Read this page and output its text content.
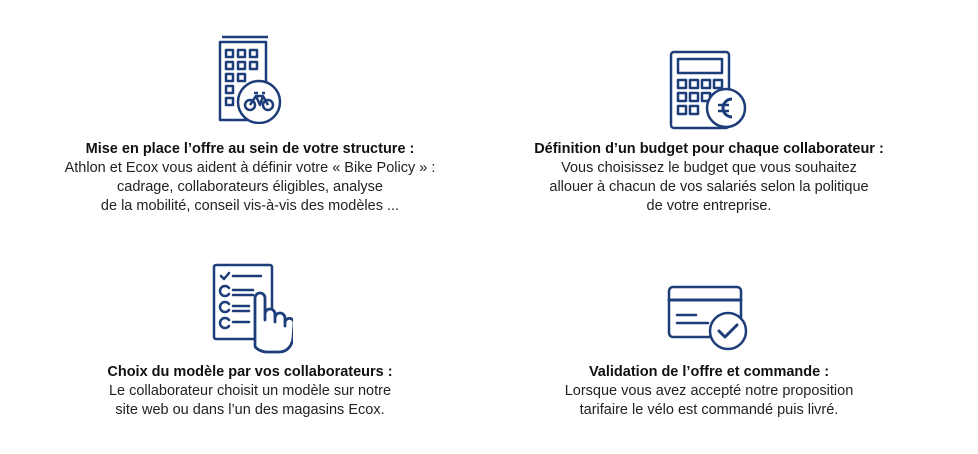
Mise en place l’offre au sein de votre structure :
Athlon et Ecox vous aident à définir votre « Bike Policy » :
cadrage, collaborateurs éligibles, analyse
de la mobilité, conseil vis-à-vis des modèles ...
Définition d’un budget pour chaque collaborateur :
Vous choisissez le budget que vous souhaitez
allouer à chacun de vos salariés selon la politique
de votre entreprise.
Choix du modèle par vos collaborateurs :
Le collaborateur choisit un modèle sur notre
site web ou dans l’un des magasins Ecox.
Validation de l’offre et commande :
Lorsque vous avez accepté notre proposition
tarifaire le vélo est commandé puis livré.
